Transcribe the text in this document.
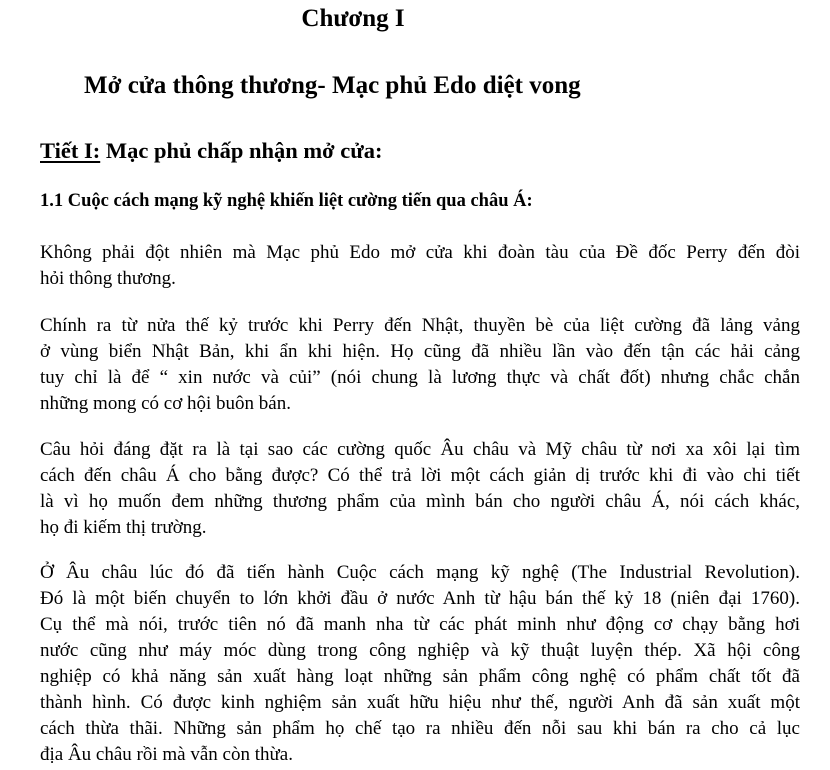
Chương I
Mở cửa thông thương- Mạc phủ Edo diệt vong
Tiết I: Mạc phủ chấp nhận mở cửa:
1.1 Cuộc cách mạng kỹ nghệ khiến liệt cường tiến qua châu Á:

Không phải đột nhiên mà Mạc phủ Edo mở cửa khi đoàn tàu của Đề đốc Perry đến đòi
hỏi thông thương.

Chính ra từ nửa thế kỷ trước khi Perry đến Nhật, thuyền bè của liệt cường đã lảng vảng
ở vùng biển Nhật Bản, khi ẩn khi hiện. Họ cũng đã nhiều lần vào đến tận các hải cảng
tuy chỉ là để “ xin nước và củi” (nói chung là lương thực và chất đốt) nhưng chắc chắn
những mong có cơ hội buôn bán.

Câu hỏi đáng đặt ra là tại sao các cường quốc Âu châu và Mỹ châu từ nơi xa xôi lại tìm
cách đến châu Á cho bằng được? Có thể trả lời một cách giản dị trước khi đi vào chi tiết
là vì họ muốn đem những thương phẩm của mình bán cho người châu Á, nói cách khác,
họ đi kiếm thị trường.

Ở Âu châu lúc đó đã tiến hành Cuộc cách mạng kỹ nghệ (The Industrial Revolution).
Đó là một biến chuyển to lớn khởi đầu ở nước Anh từ hậu bán thế kỷ 18 (niên đại 1760).
Cụ thể mà nói, trước tiên nó đã manh nha từ các phát minh như động cơ chạy bằng hơi
nước cũng như máy móc dùng trong công nghiệp và kỹ thuật luyện thép. Xã hội công
nghiệp có khả năng sản xuất hàng loạt những sản phẩm công nghệ có phẩm chất tốt đã
thành hình. Có được kinh nghiệm sản xuất hữu hiệu như thế, người Anh đã sản xuất một
cách thừa thãi. Những sản phẩm họ chế tạo ra nhiều đến nỗi sau khi bán ra cho cả lục
địa Âu châu rồi mà vẫn còn thừa.
